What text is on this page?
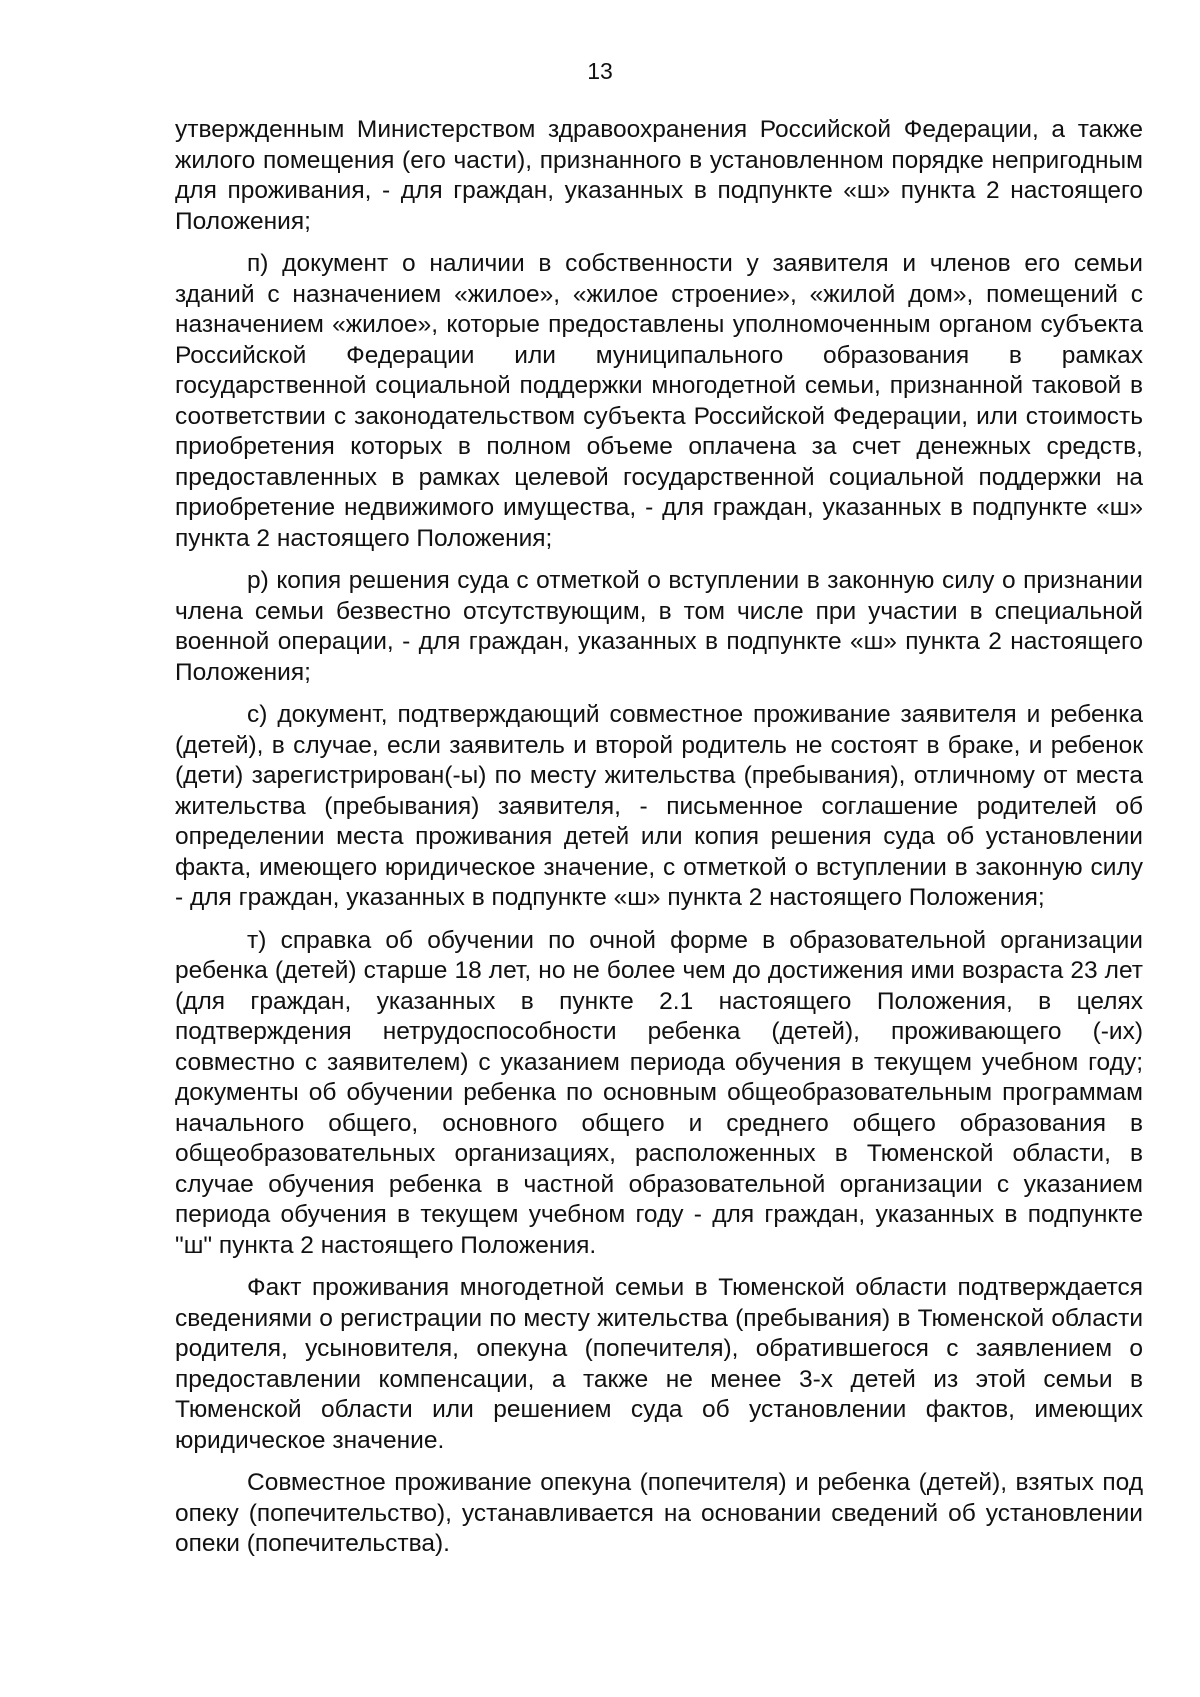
13

утвержденным Министерством здравоохранения Российской Федерации, а также жилого помещения (его части), признанного в установленном порядке непригодным для проживания, - для граждан, указанных в подпункте «ш» пункта 2 настоящего Положения;

п) документ о наличии в собственности у заявителя и членов его семьи зданий с назначением «жилое», «жилое строение», «жилой дом», помещений с назначением «жилое», которые предоставлены уполномоченным органом субъекта Российской Федерации или муниципального образования в рамках государственной социальной поддержки многодетной семьи, признанной таковой в соответствии с законодательством субъекта Российской Федерации, или стоимость приобретения которых в полном объеме оплачена за счет денежных средств, предоставленных в рамках целевой государственной социальной поддержки на приобретение недвижимого имущества, - для граждан, указанных в подпункте «ш» пункта 2 настоящего Положения;

р) копия решения суда с отметкой о вступлении в законную силу о признании члена семьи безвестно отсутствующим, в том числе при участии в специальной военной операции, - для граждан, указанных в подпункте «ш» пункта 2 настоящего Положения;

с) документ, подтверждающий совместное проживание заявителя и ребенка (детей), в случае, если заявитель и второй родитель не состоят в браке, и ребенок (дети) зарегистрирован(-ы) по месту жительства (пребывания), отличному от места жительства (пребывания) заявителя, - письменное соглашение родителей об определении места проживания детей или копия решения суда об установлении факта, имеющего юридическое значение, с отметкой о вступлении в законную силу - для граждан, указанных в подпункте «ш» пункта 2 настоящего Положения;

т) справка об обучении по очной форме в образовательной организации ребенка (детей) старше 18 лет, но не более чем до достижения ими возраста 23 лет (для граждан, указанных в пункте 2.1 настоящего Положения, в целях подтверждения нетрудоспособности ребенка (детей), проживающего (-их) совместно с заявителем) с указанием периода обучения в текущем учебном году; документы об обучении ребенка по основным общеобразовательным программам начального общего, основного общего и среднего общего образования в общеобразовательных организациях, расположенных в Тюменской области, в случае обучения ребенка в частной образовательной организации с указанием периода обучения в текущем учебном году - для граждан, указанных в подпункте "ш" пункта 2 настоящего Положения.

Факт проживания многодетной семьи в Тюменской области подтверждается сведениями о регистрации по месту жительства (пребывания) в Тюменской области родителя, усыновителя, опекуна (попечителя), обратившегося с заявлением о предоставлении компенсации, а также не менее 3-х детей из этой семьи в Тюменской области или решением суда об установлении фактов, имеющих юридическое значение.

Совместное проживание опекуна (попечителя) и ребенка (детей), взятых под опеку (попечительство), устанавливается на основании сведений об установлении опеки (попечительства).
